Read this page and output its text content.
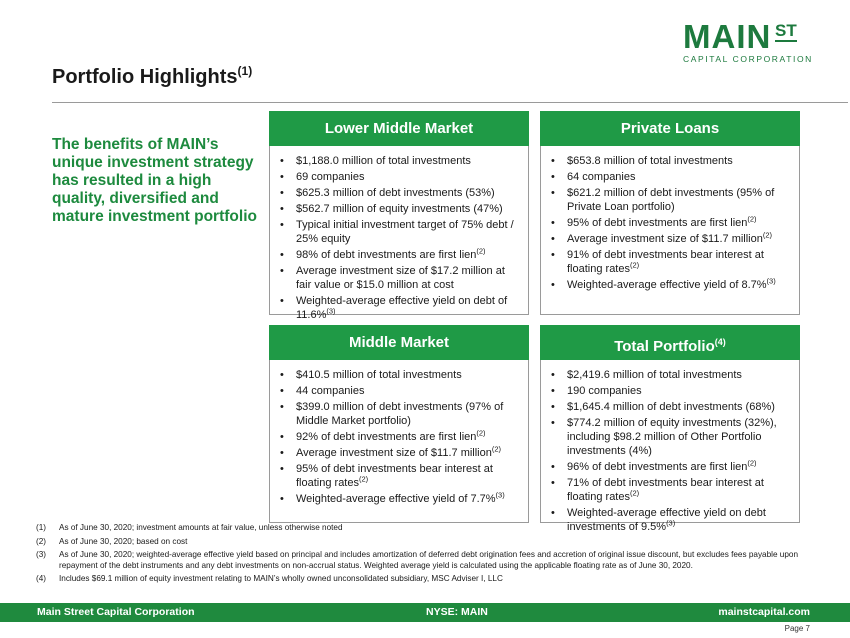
MAIN ST
CAPITAL CORPORATION
Portfolio Highlights$^{(1)}$
The benefits of MAIN’s unique investment strategy has resulted in a high quality, diversified and mature investment portfolio
Lower Middle Market
• $1,188.0 million of total investments
• 69 companies
• $625.3 million of debt investments (53%)
• $562.7 million of equity investments (47%)
• Typical initial investment target of 75% debt / 25% equity
• 98% of debt investments are first lien$^{(2)}$
• Average investment size of $17.2 million at fair value or $15.0 million at cost
• Weighted-average effective yield on debt of 11.6%$^{(3)}$
Private Loans
• $653.8 million of total investments
• 64 companies
• $621.2 million of debt investments (95% of Private Loan portfolio)
• 95% of debt investments are first lien$^{(2)}$
• Average investment size of $11.7 million$^{(2)}$
• 91% of debt investments bear interest at floating rates$^{(2)}$
• Weighted-average effective yield of 8.7%$^{(3)}$
Middle Market
• $410.5 million of total investments
• 44 companies
• $399.0 million of debt investments (97% of Middle Market portfolio)
• 92% of debt investments are first lien$^{(2)}$
• Average investment size of $11.7 million$^{(2)}$
• 95% of debt investments bear interest at floating rates$^{(2)}$
• Weighted-average effective yield of 7.7%$^{(3)}$
Total Portfolio$^{(4)}$
• $2,419.6 million of total investments
• 190 companies
• $1,645.4 million of debt investments (68%)
• $774.2 million of equity investments (32%), including $98.2 million of Other Portfolio investments (4%)
• 96% of debt investments are first lien$^{(2)}$
• 71% of debt investments bear interest at floating rates$^{(2)}$
• Weighted-average effective yield on debt investments of 9.5%$^{(3)}$
(1) As of June 30, 2020; investment amounts at fair value, unless otherwise noted
(2) As of June 30, 2020; based on cost
(3) As of June 30, 2020; weighted-average effective yield based on principal and includes amortization of deferred debt origination fees and accretion of original issue discount, but excludes fees payable upon repayment of the debt instruments and any debt investments on non-accrual status. Weighted average yield is calculated using the applicable floating rate as of June 30, 2020.
(4) Includes $69.1 million of equity investment relating to MAIN’s wholly owned unconsolidated subsidiary, MSC Adviser I, LLC
Main Street Capital Corporation	NYSE: MAIN	mainstcapital.com
Page 7
